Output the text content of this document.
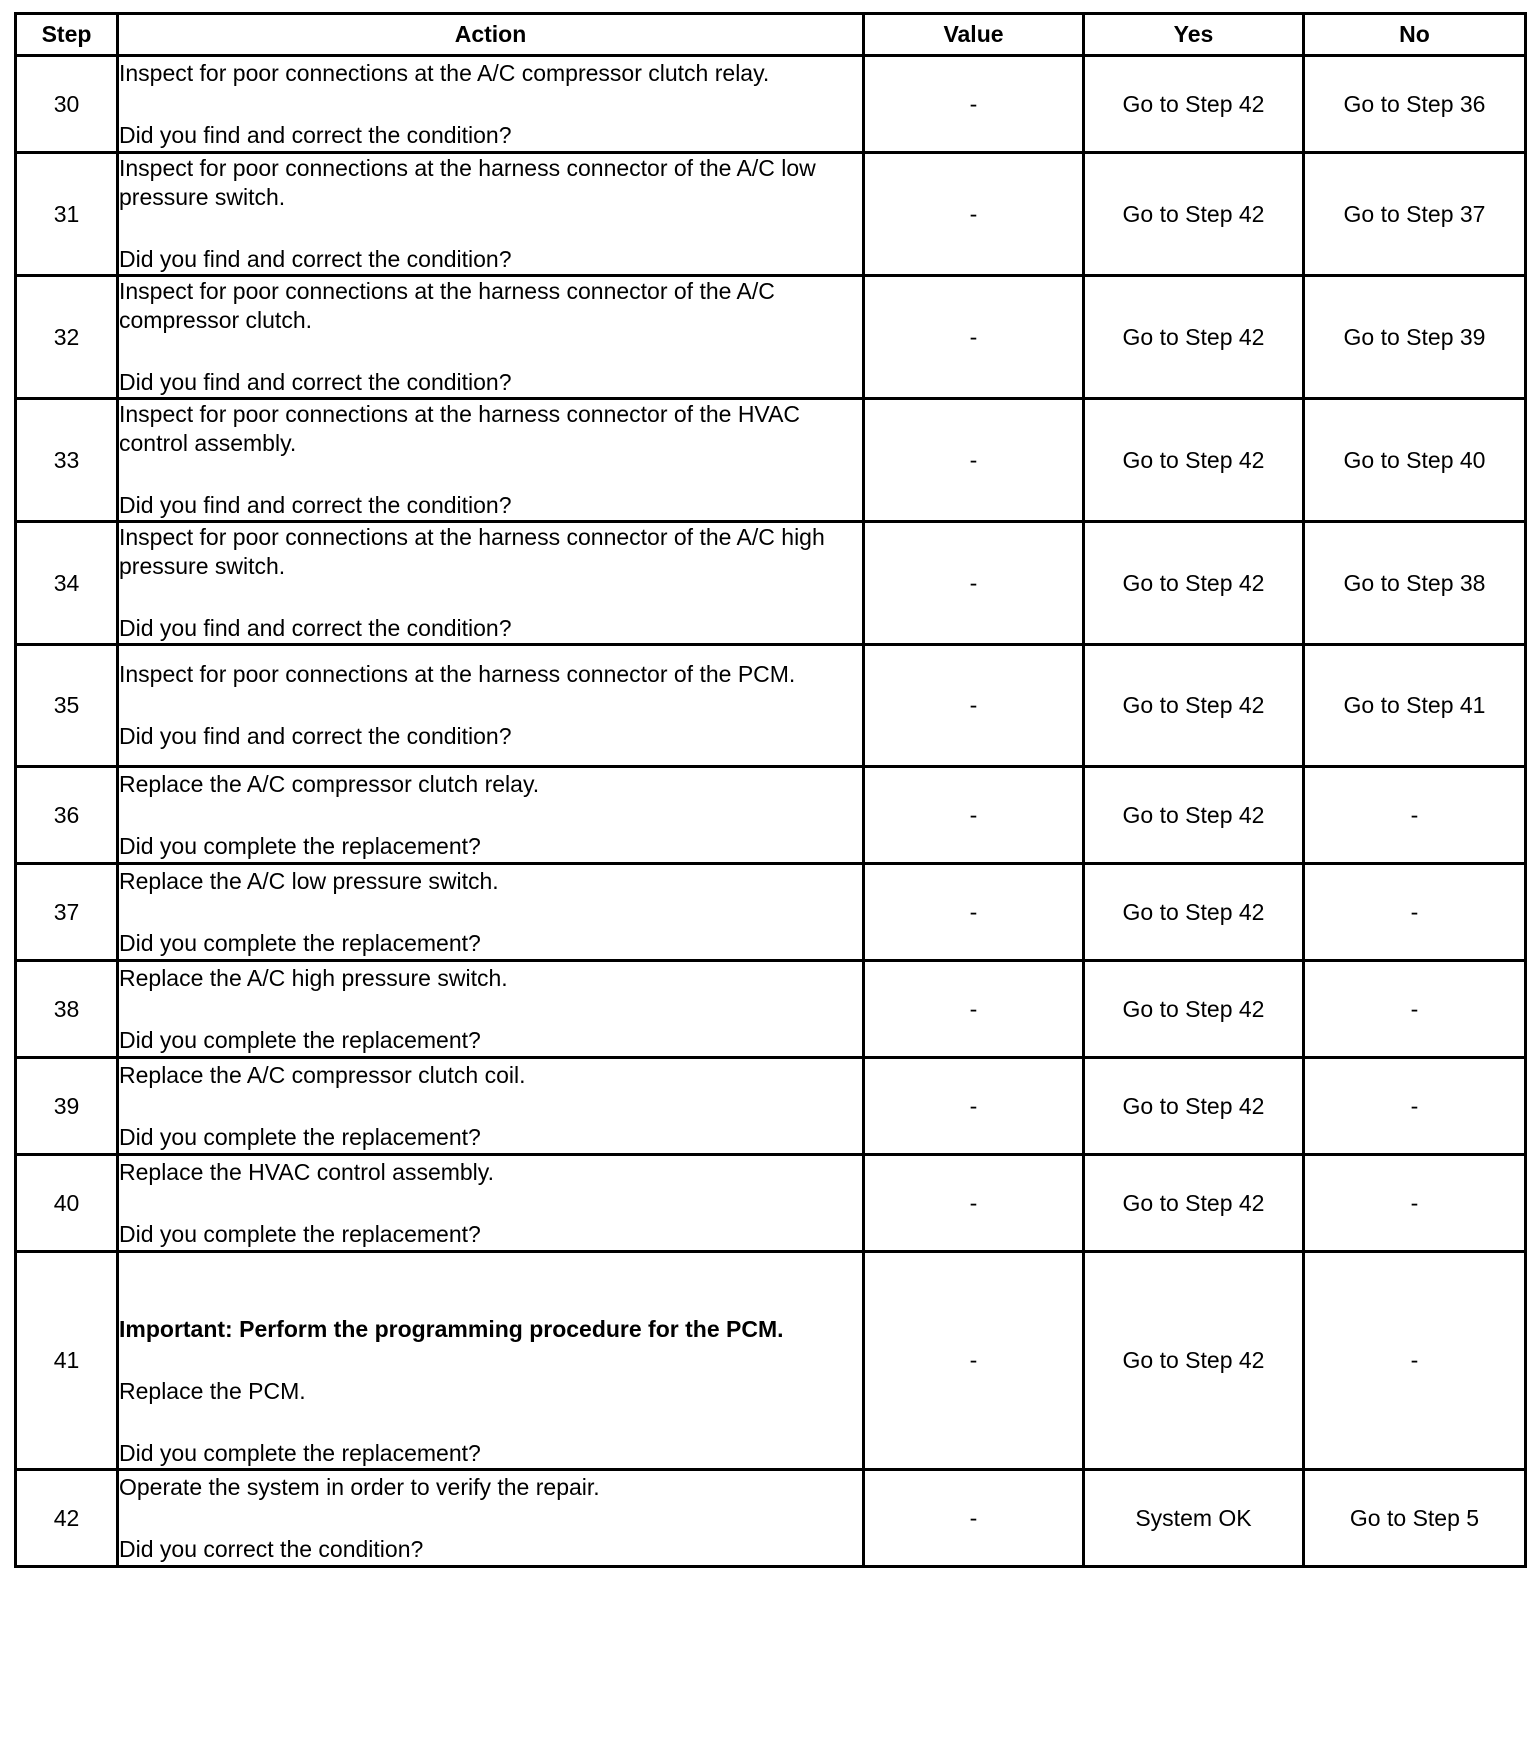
Step	Action	Value	Yes	No
30	Inspect for poor connections at the A/C compressor clutch relay.
Did you find and correct the condition?	-	Go to Step 42	Go to Step 36
31	Inspect for poor connections at the harness connector of the A/C low pressure switch.
Did you find and correct the condition?	-	Go to Step 42	Go to Step 37
32	Inspect for poor connections at the harness connector of the A/C compressor clutch.
Did you find and correct the condition?	-	Go to Step 42	Go to Step 39
33	Inspect for poor connections at the harness connector of the HVAC control assembly.
Did you find and correct the condition?	-	Go to Step 42	Go to Step 40
34	Inspect for poor connections at the harness connector of the A/C high pressure switch.
Did you find and correct the condition?	-	Go to Step 42	Go to Step 38
35	Inspect for poor connections at the harness connector of the PCM.
Did you find and correct the condition?	-	Go to Step 42	Go to Step 41
36	Replace the A/C compressor clutch relay.
Did you complete the replacement?	-	Go to Step 42	-
37	Replace the A/C low pressure switch.
Did you complete the replacement?	-	Go to Step 42	-
38	Replace the A/C high pressure switch.
Did you complete the replacement?	-	Go to Step 42	-
39	Replace the A/C compressor clutch coil.
Did you complete the replacement?	-	Go to Step 42	-
40	Replace the HVAC control assembly.
Did you complete the replacement?	-	Go to Step 42	-
41	Important: Perform the programming procedure for the PCM.
Replace the PCM.
Did you complete the replacement?	-	Go to Step 42	-
42	Operate the system in order to verify the repair.
Did you correct the condition?	-	System OK	Go to Step 5
